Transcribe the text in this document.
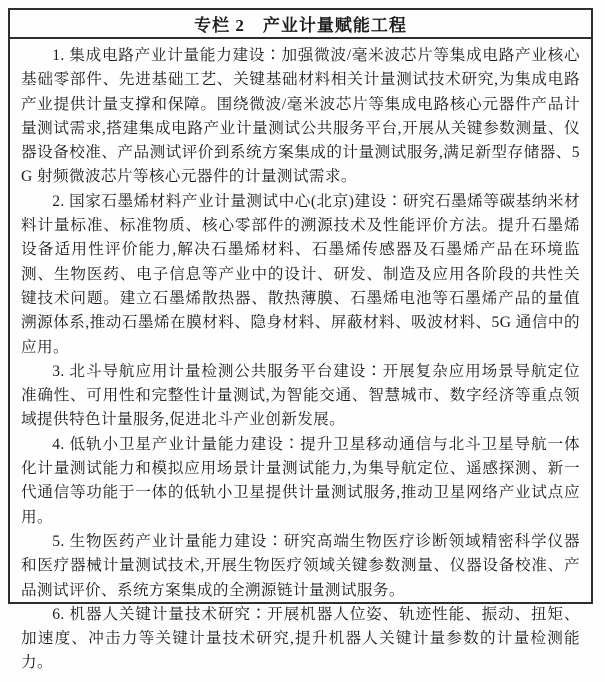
专栏 2　产业计量赋能工程

1. 集成电路产业计量能力建设∶加强微波/毫米波芯片等集成电路产业核心基础零部件、先进基础工艺、关键基础材料相关计量测试技术研究,为集成电路产业提供计量支撑和保障。围绕微波/毫米波芯片等集成电路核心元器件产品计量测试需求,搭建集成电路产业计量测试公共服务平台,开展从关键参数测量、仪器设备校准、产品测试评价到系统方案集成的计量测试服务,满足新型存储器、5G 射频微波芯片等核心元器件的计量测试需求。

2. 国家石墨烯材料产业计量测试中心(北京)建设∶研究石墨烯等碳基纳米材料计量标准、标准物质、核心零部件的溯源技术及性能评价方法。提升石墨烯设备适用性评价能力,解决石墨烯材料、石墨烯传感器及石墨烯产品在环境监测、生物医药、电子信息等产业中的设计、研发、制造及应用各阶段的共性关键技术问题。建立石墨烯散热器、散热薄膜、石墨烯电池等石墨烯产品的量值溯源体系,推动石墨烯在膜材料、隐身材料、屏蔽材料、吸波材料、5G 通信中的应用。

3. 北斗导航应用计量检测公共服务平台建设∶开展复杂应用场景导航定位准确性、可用性和完整性计量测试,为智能交通、智慧城市、数字经济等重点领域提供特色计量服务,促进北斗产业创新发展。

4. 低轨小卫星产业计量能力建设∶提升卫星移动通信与北斗卫星导航一体化计量测试能力和模拟应用场景计量测试能力,为集导航定位、遥感探测、新一代通信等功能于一体的低轨小卫星提供计量测试服务,推动卫星网络产业试点应用。

5. 生物医药产业计量能力建设∶研究高端生物医疗诊断领域精密科学仪器和医疗器械计量测试技术,开展生物医疗领域关键参数测量、仪器设备校准、产品测试评价、系统方案集成的全溯源链计量测试服务。

6. 机器人关键计量技术研究∶开展机器人位姿、轨迹性能、振动、扭矩、加速度、冲击力等关键计量技术研究,提升机器人关键计量参数的计量检测能力。
